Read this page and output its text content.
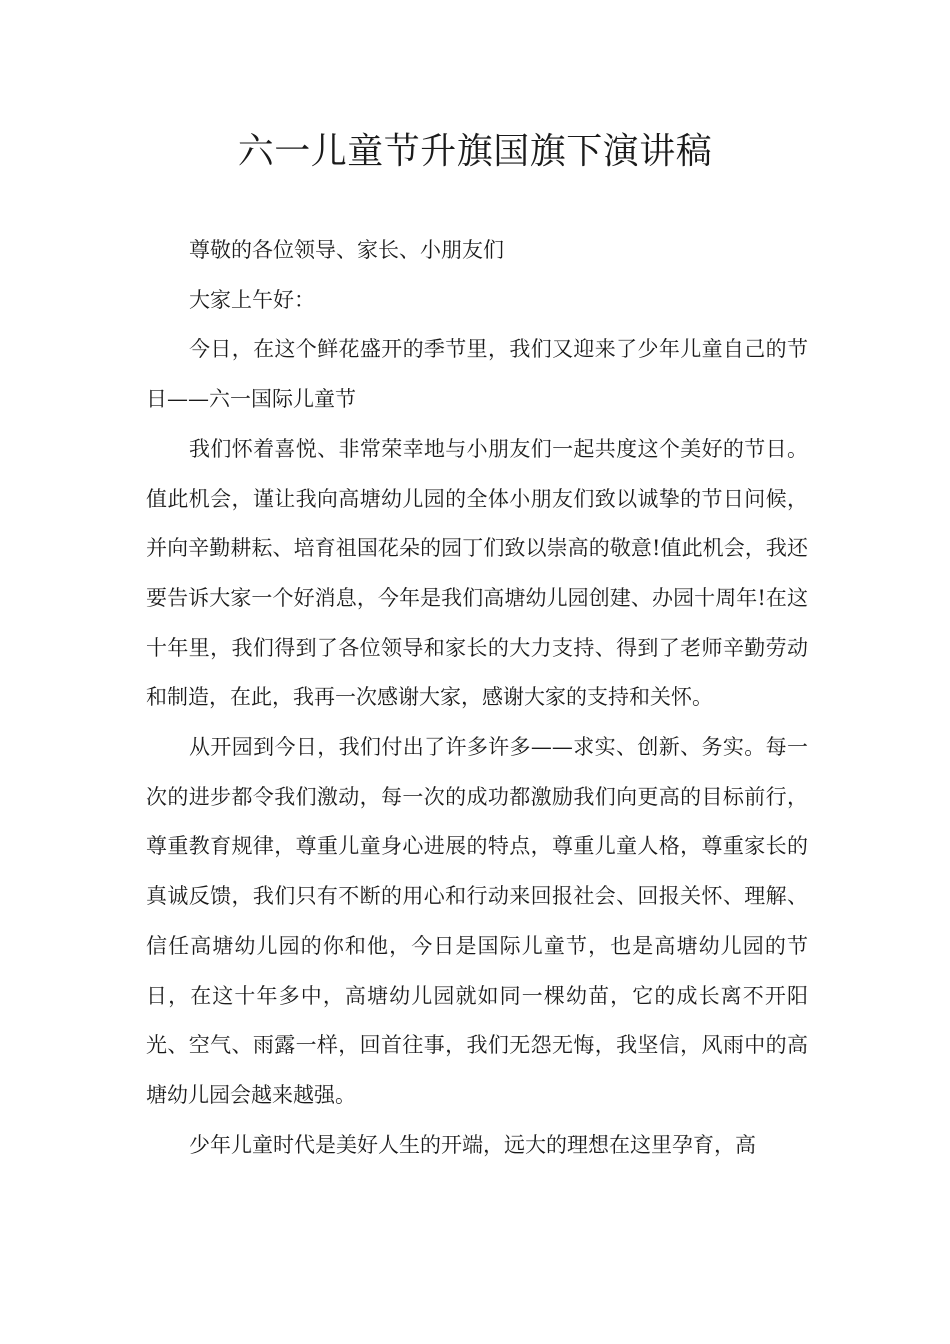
六一儿童节升旗国旗下演讲稿

尊敬的各位领导、家长、小朋友们

大家上午好：

今日，在这个鲜花盛开的季节里，我们又迎来了少年儿童自己的节日——六一国际儿童节

我们怀着喜悦、非常荣幸地与小朋友们一起共度这个美好的节日。值此机会，谨让我向高塘幼儿园的全体小朋友们致以诚挚的节日问候，并向辛勤耕耘、培育祖国花朵的园丁们致以崇高的敬意!值此机会，我还要告诉大家一个好消息，今年是我们高塘幼儿园创建、办园十周年!在这十年里，我们得到了各位领导和家长的大力支持、得到了老师辛勤劳动和制造，在此，我再一次感谢大家，感谢大家的支持和关怀。

从开园到今日，我们付出了许多许多——求实、创新、务实。每一次的进步都令我们激动，每一次的成功都激励我们向更高的目标前行，尊重教育规律，尊重儿童身心进展的特点，尊重儿童人格，尊重家长的真诚反馈，我们只有不断的用心和行动来回报社会、回报关怀、理解、信任高塘幼儿园的你和他，今日是国际儿童节，也是高塘幼儿园的节日，在这十年多中，高塘幼儿园就如同一棵幼苗，它的成长离不开阳光、空气、雨露一样，回首往事，我们无怨无悔，我坚信，风雨中的高塘幼儿园会越来越强。

少年儿童时代是美好人生的开端，远大的理想在这里孕育，高
